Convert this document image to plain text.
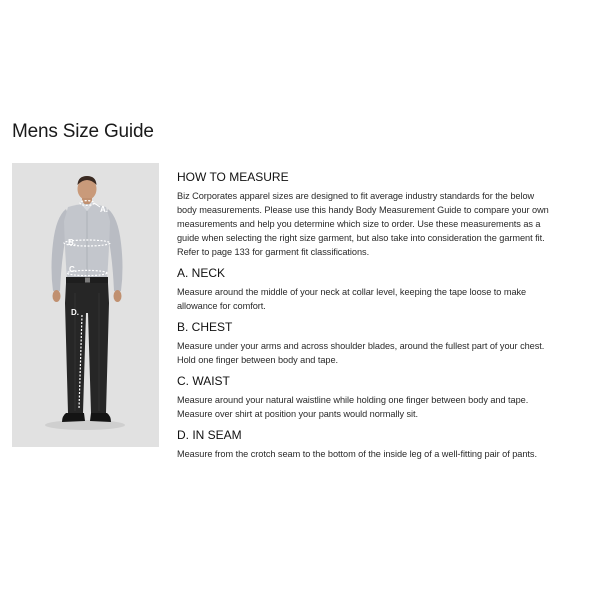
Mens Size Guide
A.
B.
C.
D.
HOW TO MEASURE

Biz Corporates apparel sizes are designed to fit average industry standards for the below body measurements. Please use this handy Body Measurement Guide to compare your own measurements and help you determine which size to order. Use these measurements as a guide when selecting the right size garment, but also take into consideration the garment fit. Refer to page 133 for garment fit classifications.

A. NECK

Measure around the middle of your neck at collar level, keeping the tape loose to make allowance for comfort.

B. CHEST

Measure under your arms and across shoulder blades, around the fullest part of your chest. Hold one finger between body and tape.

C. WAIST

Measure around your natural waistline while holding one finger between body and tape. Measure over shirt at position your pants would normally sit.

D. IN SEAM

Measure from the crotch seam to the bottom of the inside leg of a well-fitting pair of pants.
